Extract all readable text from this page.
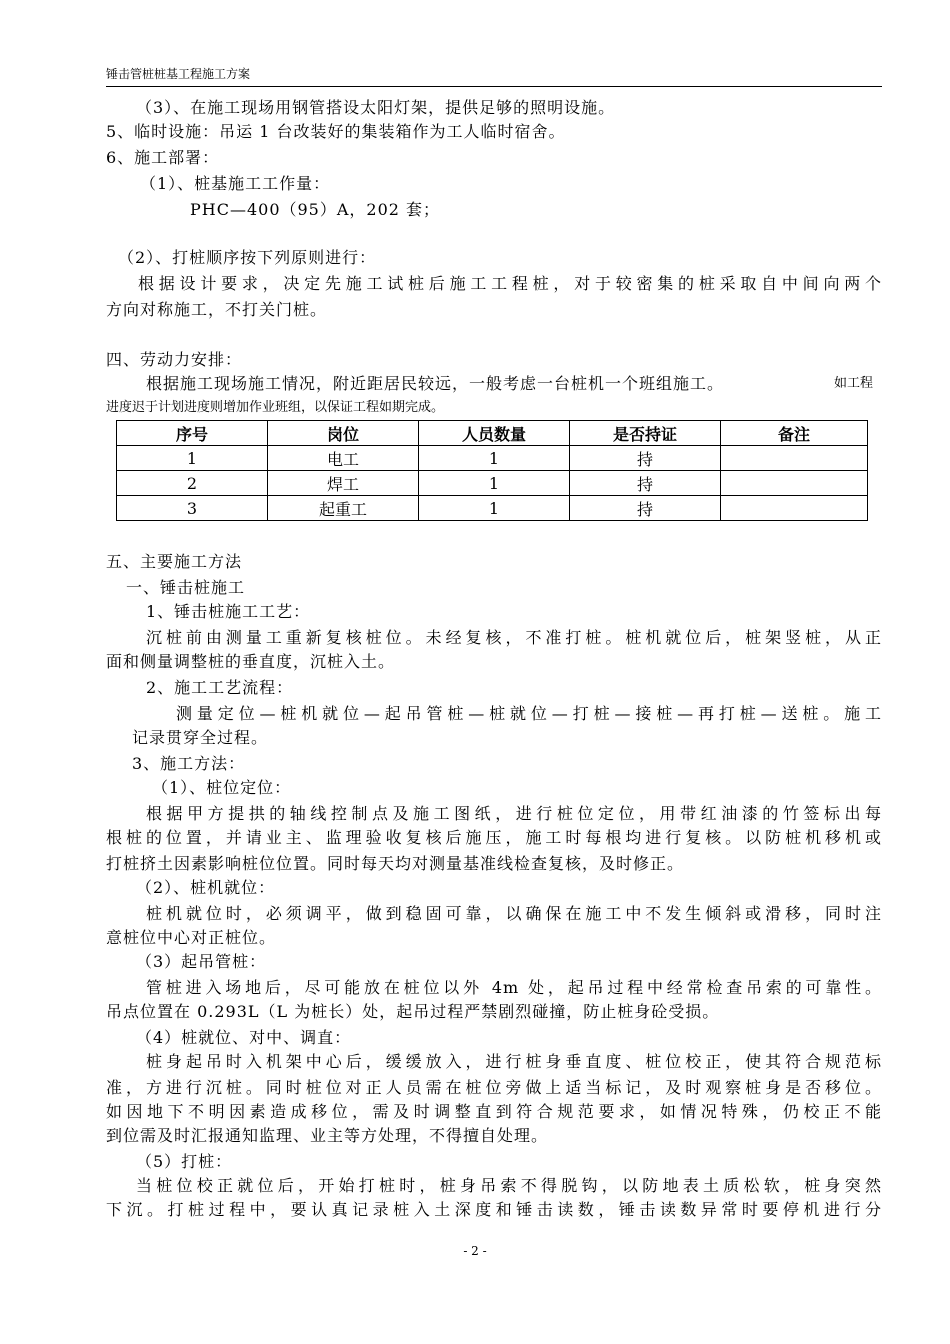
锤击管桩桩基工程施工方案
（3）、在施工现场用钢管搭设太阳灯架，提供足够的照明设施。
5、临时设施：吊运 1 台改装好的集装箱作为工人临时宿舍。
6、施工部署：
（1）、桩基施工工作量：
PHC—400（95）A，202 套；
（2）、打桩顺序按下列原则进行：
根据设计要求，决定先施工试桩后施工工程桩，对于较密集的桩采取自中间向两个
方向对称施工，不打关门桩。
四、劳动力安排：
根据施工现场施工情况，附近距居民较远，一般考虑一台桩机一个班组施工。	如工程
进度迟于计划进度则增加作业班组，以保证工程如期完成。
序号	岗位	人员数量	是否持证	备注
1	电工	1	持	
2	焊工	1	持	
3	起重工	1	持	
五、主要施工方法
一、锤击桩施工
1、锤击桩施工工艺：
沉桩前由测量工重新复核桩位。未经复核，不准打桩。桩机就位后，桩架竖桩，从正
面和侧量调整桩的垂直度，沉桩入土。
2、施工工艺流程：
测量定位—桩机就位—起吊管桩—桩就位—打桩—接桩—再打桩—送桩。施工
记录贯穿全过程。
3、施工方法：
（1）、桩位定位：
根据甲方提拱的轴线控制点及施工图纸，进行桩位定位，用带红油漆的竹签标出每
根桩的位置，并请业主、监理验收复核后施压，施工时每根均进行复核。以防桩机移机或
打桩挤土因素影响桩位位置。同时每天均对测量基准线检查复核，及时修正。
（2）、桩机就位：
桩机就位时，必须调平，做到稳固可靠，以确保在施工中不发生倾斜或滑移，同时注
意桩位中心对正桩位。
（3）起吊管桩：
管桩进入场地后，尽可能放在桩位以外 4m 处，起吊过程中经常检查吊索的可靠性。
吊点位置在 0.293L（L 为桩长）处，起吊过程严禁剧烈碰撞，防止桩身砼受损。
（4）桩就位、对中、调直：
桩身起吊时入机架中心后，缓缓放入，进行桩身垂直度、桩位校正，使其符合规范标
准，方进行沉桩。同时桩位对正人员需在桩位旁做上适当标记，及时观察桩身是否移位。
如因地下不明因素造成移位，需及时调整直到符合规范要求，如情况特殊，仍校正不能
到位需及时汇报通知监理、业主等方处理，不得擅自处理。
（5）打桩：
当桩位校正就位后，开始打桩时，桩身吊索不得脱钩，以防地表土质松软，桩身突然
下沉。打桩过程中，要认真记录桩入土深度和锤击读数，锤击读数异常时要停机进行分
- 2 -
